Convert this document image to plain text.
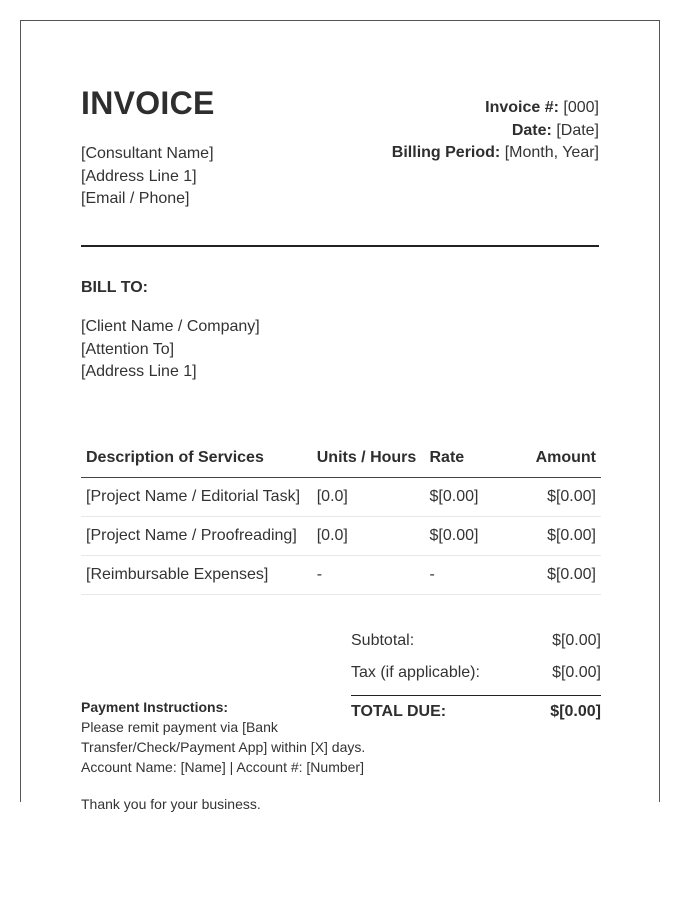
INVOICE
[Consultant Name]
[Address Line 1]
[Email / Phone]
Invoice #: [000]
Date: [Date]
Billing Period: [Month, Year]
BILL TO:
[Client Name / Company]
[Attention To]
[Address Line 1]
Description of Services	Units / Hours	Rate	Amount
[Project Name / Editorial Task]	[0.0]	$[0.00]	$[0.00]
[Project Name / Proofreading]	[0.0]	$[0.00]	$[0.00]
[Reimbursable Expenses]	-	-	$[0.00]
Subtotal:	$[0.00]
Tax (if applicable):	$[0.00]
TOTAL DUE:	$[0.00]
Payment Instructions:
Please remit payment via [Bank Transfer/Check/Payment App] within [X] days.
Account Name: [Name] | Account #: [Number]
Thank you for your business.
